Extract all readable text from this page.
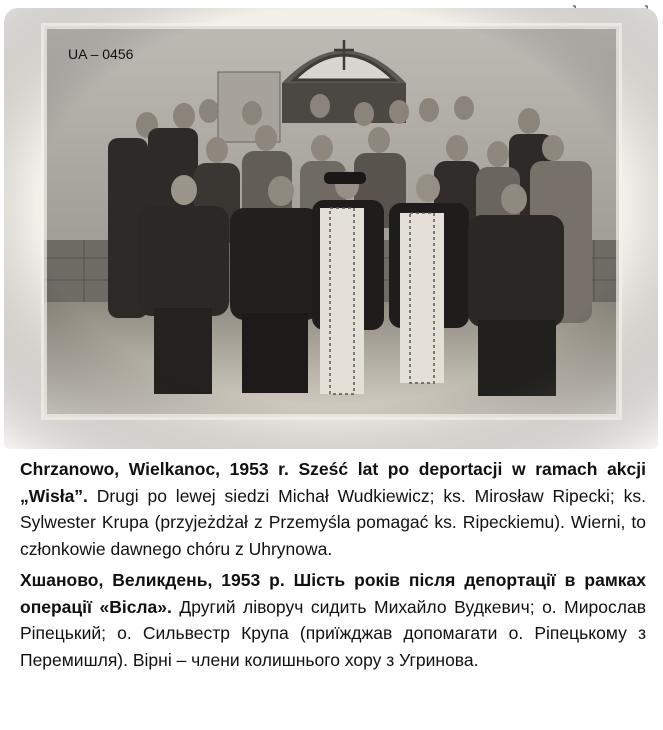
UA – 0456

Chrzanowo, Wielkanoc, 1953 r. Sześć lat po deportacji w ramach akcji „Wisła”. Drugi po lewej siedzi Michał Wudkiewicz; ks. Mirosław Ripecki; ks. Sylwester Krupa (przyjeżdżał z Przemyśla pomagać ks. Ripeckiemu). Wierni, to członkowie dawnego chóru z Uhrynowa.

Хшаново, Великдень, 1953 р. Шість років після депортації в рамках операції «Вісла». Другий ліворуч сидить Михайло Вудкевич; о. Мирослав Ріпецький; о. Сильвестр Крупа (приїжджав допомагати о. Ріпецькому з Перемишля). Вірні – члени колишнього хору з Угринова.
